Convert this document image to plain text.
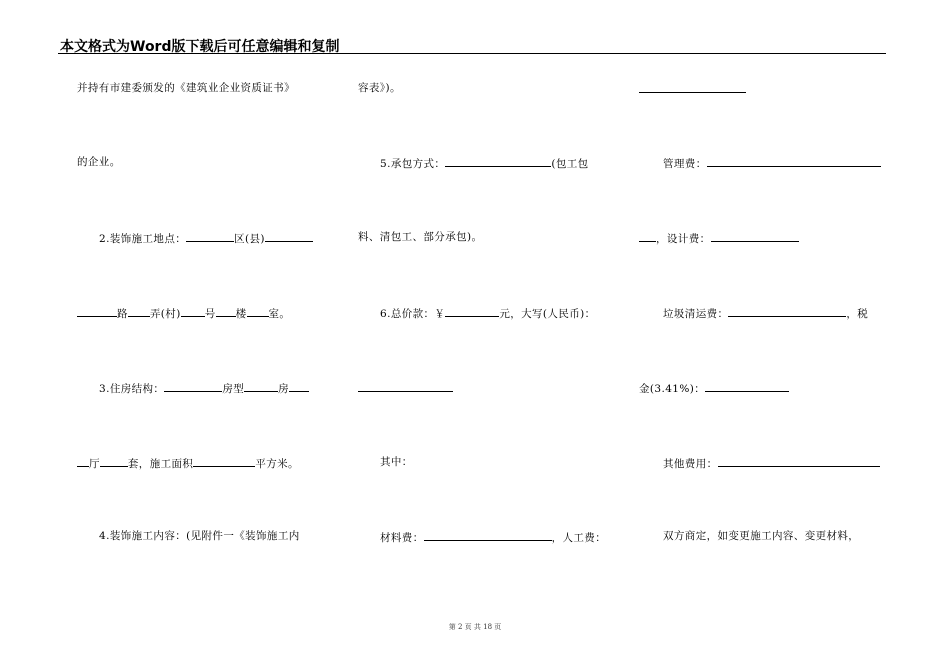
本文格式为Word版下载后可任意编辑和复制
并持有市建委颁发的《建筑业企业资质证书》
的企业。
2.装饰施工地点：	区(县)
路 弄(村) 号 楼 室。
3.住房结构：	房型	房
厅	套，施工面积	平方米。
4.装饰施工内容：(见附件一《装饰施工内
容表》)。
5.承包方式：	(包工包
料、清包工、部分承包)。
6.总价款：￥	元，大写(人民币)：
其中：
材料费：	，人工费：
管理费：
，设计费：
垃圾清运费：	，税
金(3.41%)：
其他费用：
双方商定，如变更施工内容、变更材料，
第 2 页 共 18 页
